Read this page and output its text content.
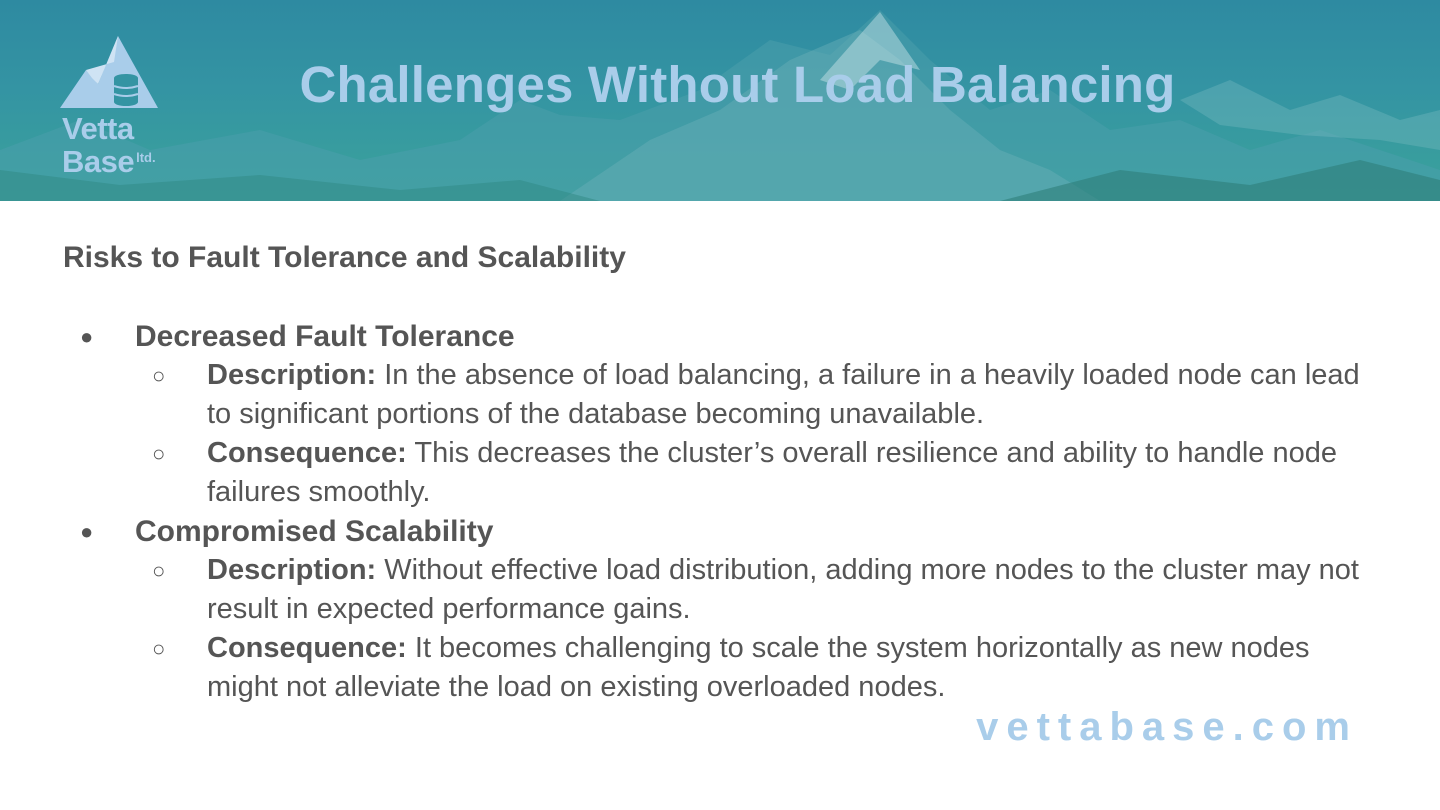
Vetta
Base $^{ltd.}$
Challenges Without Load Balancing
Risks to Fault Tolerance and Scalability
● Decreased Fault Tolerance
○ Description: In the absence of load balancing, a failure in a heavily loaded node can lead to significant portions of the database becoming unavailable.
○ Consequence: This decreases the cluster’s overall resilience and ability to handle node failures smoothly.
● Compromised Scalability
○ Description: Without effective load distribution, adding more nodes to the cluster may not result in expected performance gains.
○ Consequence: It becomes challenging to scale the system horizontally as new nodes might not alleviate the load on existing overloaded nodes.

vettabase.com
